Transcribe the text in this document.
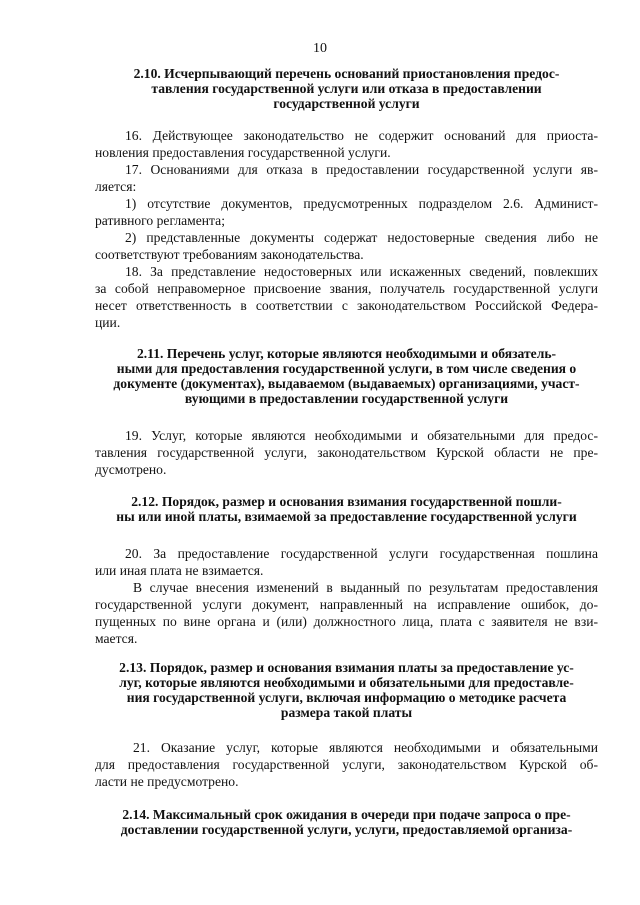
10
2.10. Исчерпывающий перечень оснований приостановления предос-
тавления государственной услуги или отказа в предоставлении
государственной услуги
16. Действующее законодательство не содержит оснований для приоста-
новления предоставления государственной услуги.
17. Основаниями для отказа в предоставлении государственной услуги яв-
ляется:
1) отсутствие документов, предусмотренных подразделом 2.6. Админист-
ративного регламента;
2) представленные документы содержат недостоверные сведения либо не
соответствуют требованиям законодательства.
18. За представление недостоверных или искаженных сведений, повлекших
за собой неправомерное присвоение звания, получатель государственной услуги
несет ответственность в соответствии с законодательством Российской Федера-
ции.
2.11. Перечень услуг, которые являются необходимыми и обязатель-
ными для предоставления государственной услуги, в том числе сведения о
документе (документах), выдаваемом (выдаваемых) организациями, участ-
вующими в предоставлении государственной услуги
19. Услуг, которые являются необходимыми и обязательными для предос-
тавления государственной услуги, законодательством Курской области не пре-
дусмотрено.
2.12. Порядок, размер и основания взимания государственной пошли-
ны или иной платы, взимаемой за предоставление государственной услуги
20. За предоставление государственной услуги государственная пошлина
или иная плата не взимается.
В случае внесения изменений в выданный по результатам предоставления
государственной услуги документ, направленный на исправление ошибок, до-
пущенных по вине органа и (или) должностного лица, плата с заявителя не взи-
мается.
2.13. Порядок, размер и основания взимания платы за предоставление ус-
луг, которые являются необходимыми и обязательными для предоставле-
ния государственной услуги, включая информацию о методике расчета
размера такой платы
21. Оказание услуг, которые являются необходимыми и обязательными
для предоставления государственной услуги, законодательством Курской об-
ласти не предусмотрено.
2.14. Максимальный срок ожидания в очереди при подаче запроса о пре-
доставлении государственной услуги, услуги, предоставляемой организа-
